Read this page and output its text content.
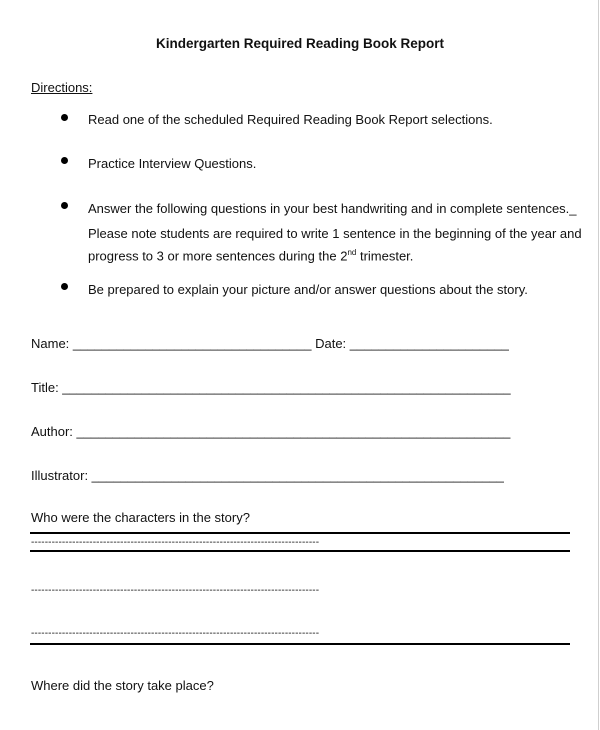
Kindergarten Required Reading Book Report
Directions:
Read one of the scheduled Required Reading Book Report selections.
Practice Interview Questions.
Answer the following questions in your best handwriting and in complete sentences._
Please note students are required to write 1 sentence in the beginning of the year and
progress to 3 or more sentences during the 2nd trimester.
Be prepared to explain your picture and/or answer questions about the story.
Name: _________________________________ Date: ______________________
Title: ______________________________________________________________
Author: ____________________________________________________________
Illustrator: _________________________________________________________
Who were the characters in the story?
------------------------------------------------------------------------------------
------------------------------------------------------------------------------------
------------------------------------------------------------------------------------
Where did the story take place?
